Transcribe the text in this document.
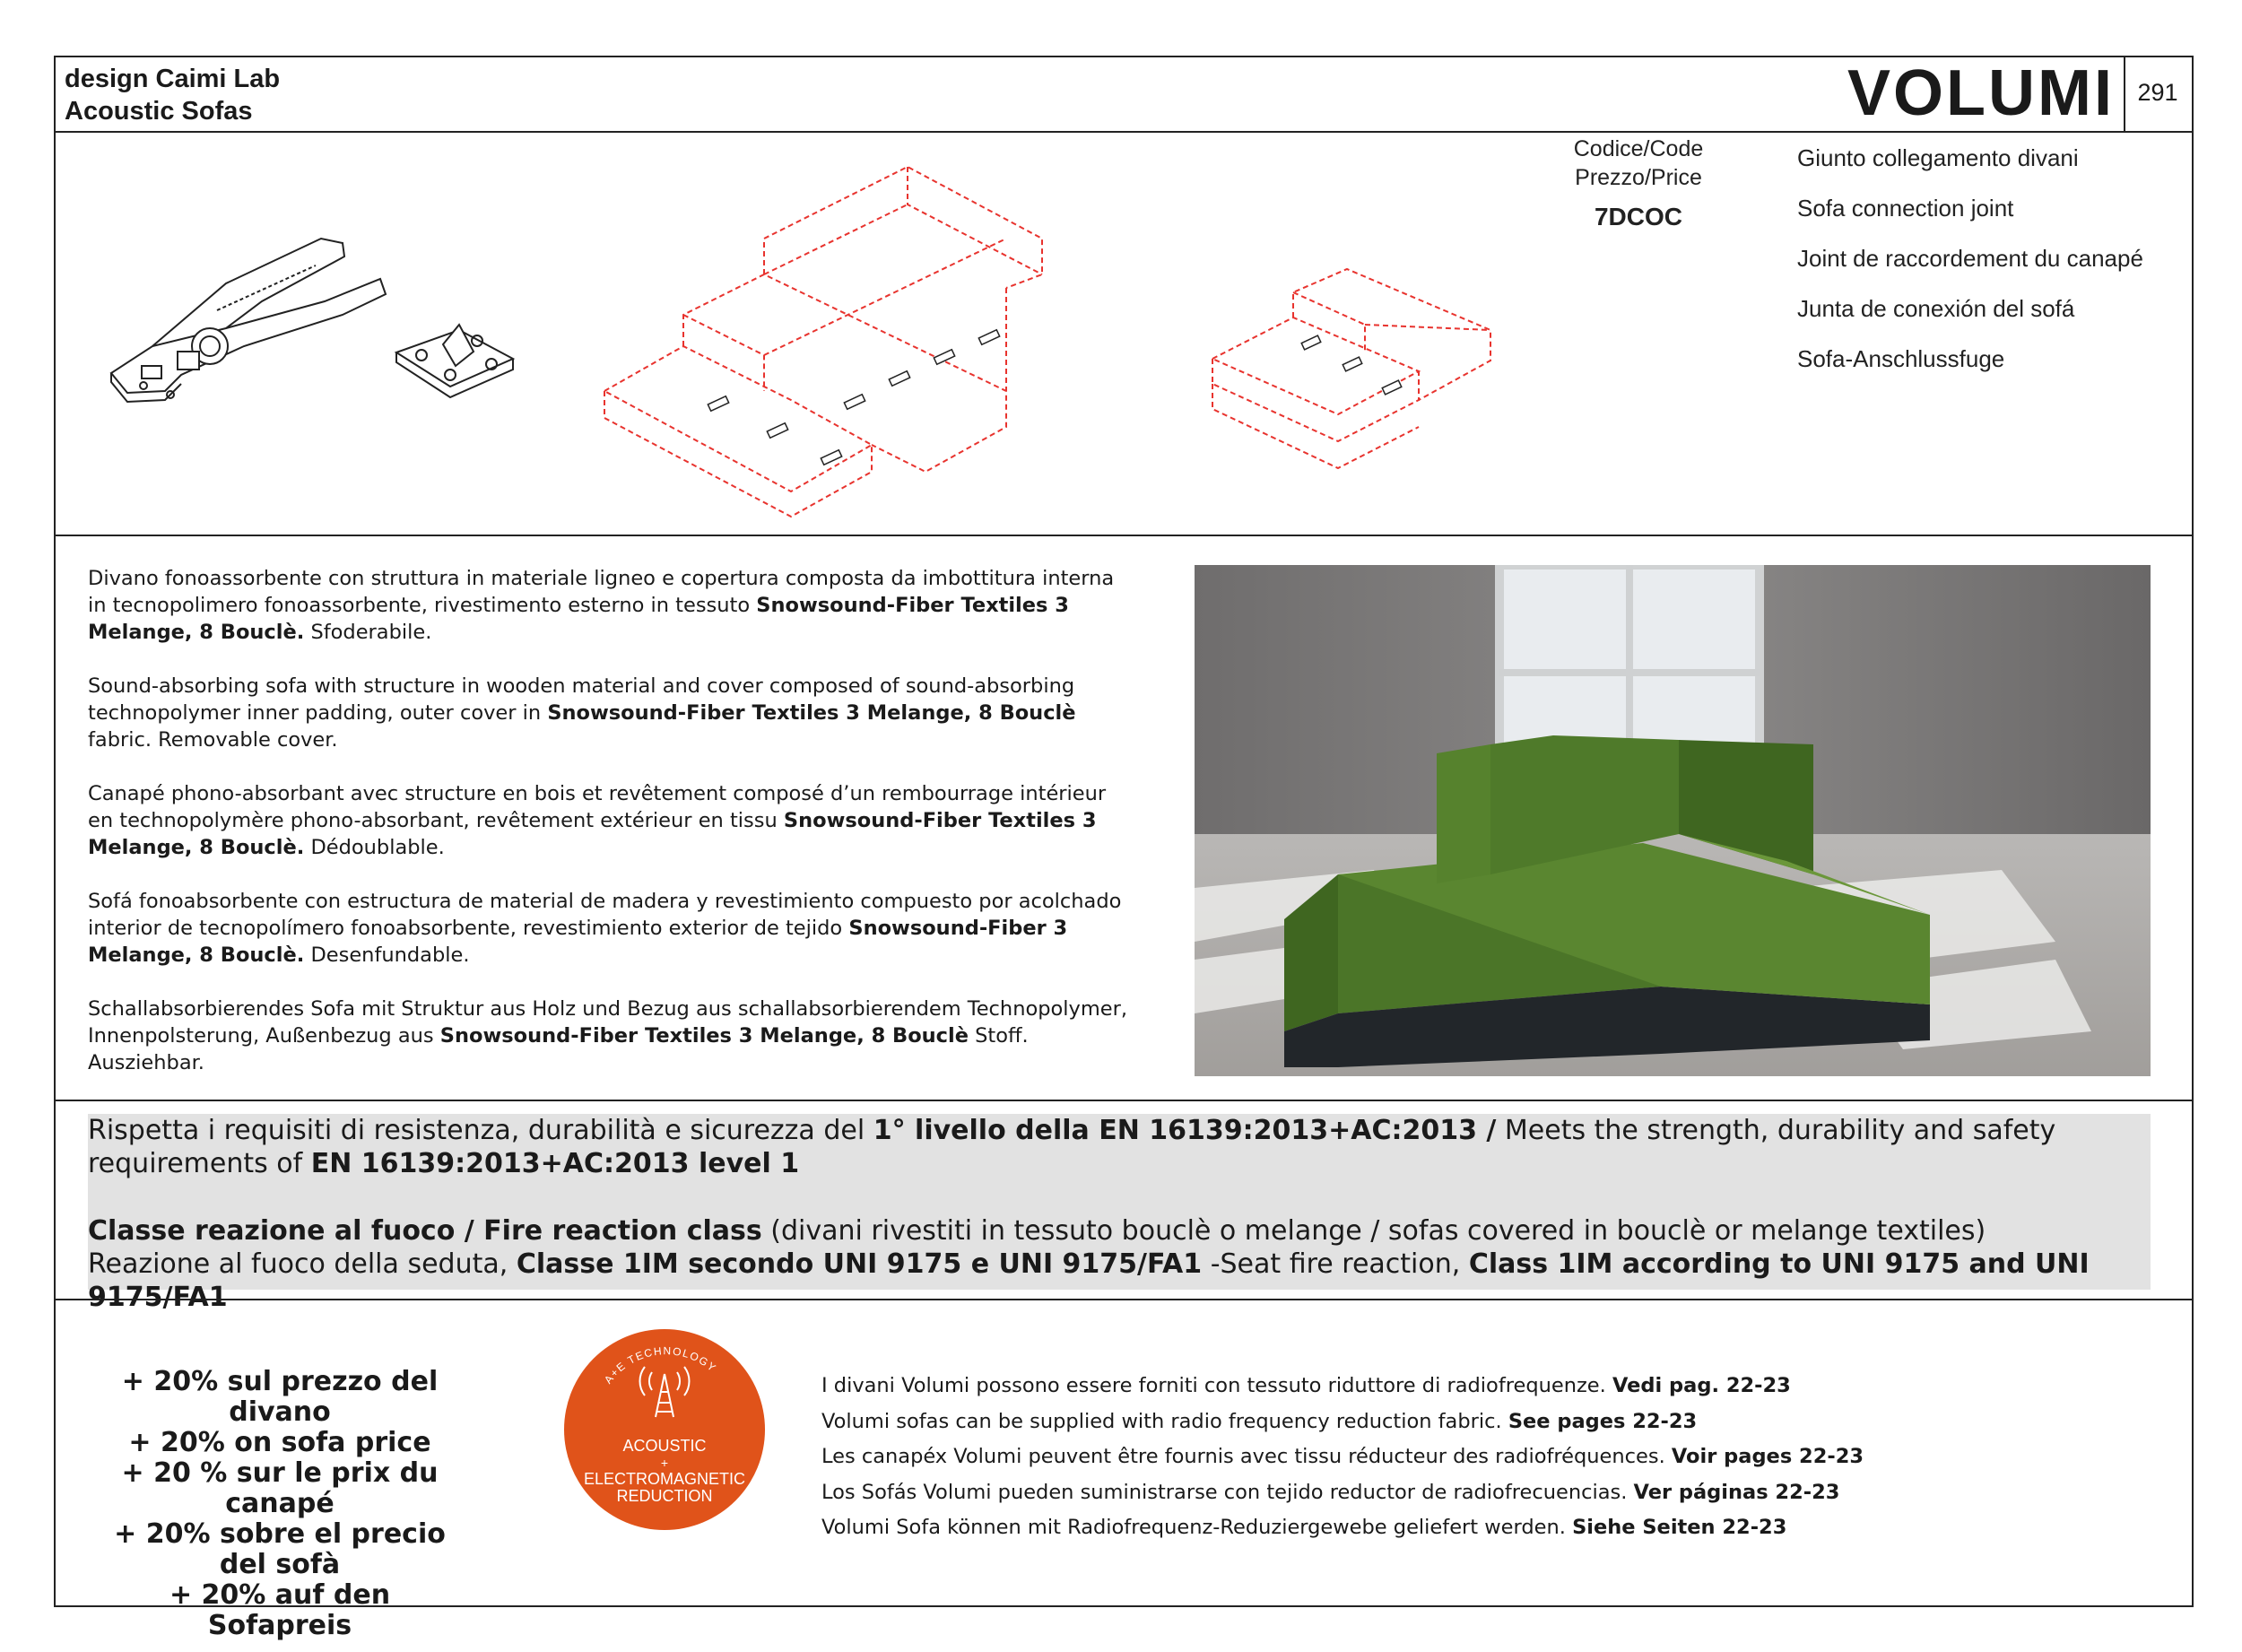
design Caimi Lab
Acoustic Sofas	VOLUMI 291
Codice/Code
Prezzo/Price
7DCOC
Giunto collegamento divani
Sofa connection joint
Joint de raccordement du canapé
Junta de conexión del sofá
Sofa-Anschlussfuge

Divano fonoassorbente con struttura in materiale ligneo e copertura composta da imbottitura interna in tecnopolimero fonoassorbente, rivestimento esterno in tessuto Snowsound-Fiber Textiles 3 Melange, 8 Bouclè. Sfoderabile.

Sound-absorbing sofa with structure in wooden material and cover composed of sound-absorbing technopolymer inner padding, outer cover in Snowsound-Fiber Textiles 3 Melange, 8 Bouclè fabric. Removable cover.

Canapé phono-absorbant avec structure en bois et revêtement composé d’un rembourrage intérieur en technopolymère phono-absorbant, revêtement extérieur en tissu Snowsound-Fiber Textiles 3 Melange, 8 Bouclè. Dédoublable.

Sofá fonoabsorbente con estructura de material de madera y revestimiento compuesto por acolchado interior de tecnopolímero fonoabsorbente, revestimiento exterior de tejido Snowsound-Fiber 3 Melange, 8 Bouclè. Desenfundable.

Schallabsorbierendes Sofa mit Struktur aus Holz und Bezug aus schallabsorbierendem Technopolymer, Innenpolsterung, Außenbezug aus Snowsound-Fiber Textiles 3 Melange, 8 Bouclè Stoff. Ausziehbar.

Rispetta i requisiti di resistenza, durabilità e sicurezza del 1° livello della EN 16139:2013+AC:2013 / Meets the strength, durability and safety requirements of EN 16139:2013+AC:2013 level 1

Classe reazione al fuoco / Fire reaction class (divani rivestiti in tessuto bouclè o melange / sofas covered in bouclè or melange textiles)

Reazione al fuoco della seduta, Classe 1IM secondo UNI 9175 e UNI 9175/FA1 -Seat fire reaction, Class 1IM according to UNI 9175 and UNI 9175/FA1

+ 20% sul prezzo del divano
+ 20% on sofa price
+ 20 % sur le prix du canapé
+ 20% sobre el precio del sofà
+ 20% auf den Sofapreis
A+E TECHNOLOGY
ACOUSTIC
+
ELECTROMAGNETIC
REDUCTION
I divani Volumi possono essere forniti con tessuto riduttore di radiofrequenze. Vedi pag. 22-23
Volumi sofas can be supplied with radio frequency reduction fabric. See pages 22-23
Les canapéx Volumi peuvent être fournis avec tissu réducteur des radiofréquences. Voir pages 22-23
Los Sofás Volumi pueden suministrarse con tejido reductor de radiofrecuencias. Ver páginas 22-23
Volumi Sofa können mit Radiofrequenz-Reduziergewebe geliefert werden. Siehe Seiten 22-23
